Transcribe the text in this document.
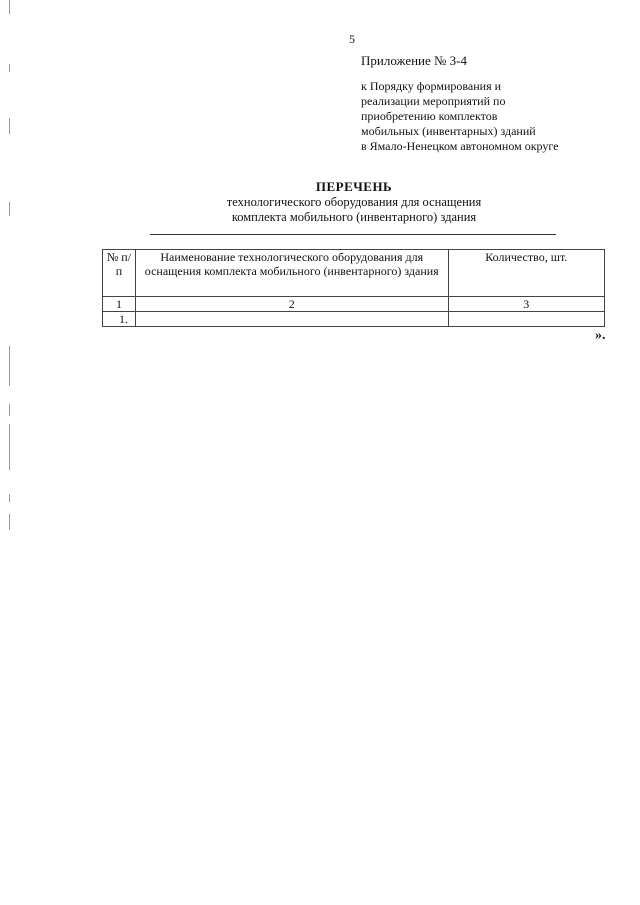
5
Приложение № 3-4
к Порядку формирования и
реализации мероприятий по
приобретению комплектов
мобильных (инвентарных) зданий
в Ямало-Ненецком автономном округе
ПЕРЕЧЕНЬ
технологического оборудования для оснащения
комплекта мобильного (инвентарного) здания
№ п/п	Наименование технологического оборудования для оснащения комплекта мобильного (инвентарного) здания	Количество, шт.
1	2	3
1.		
».
